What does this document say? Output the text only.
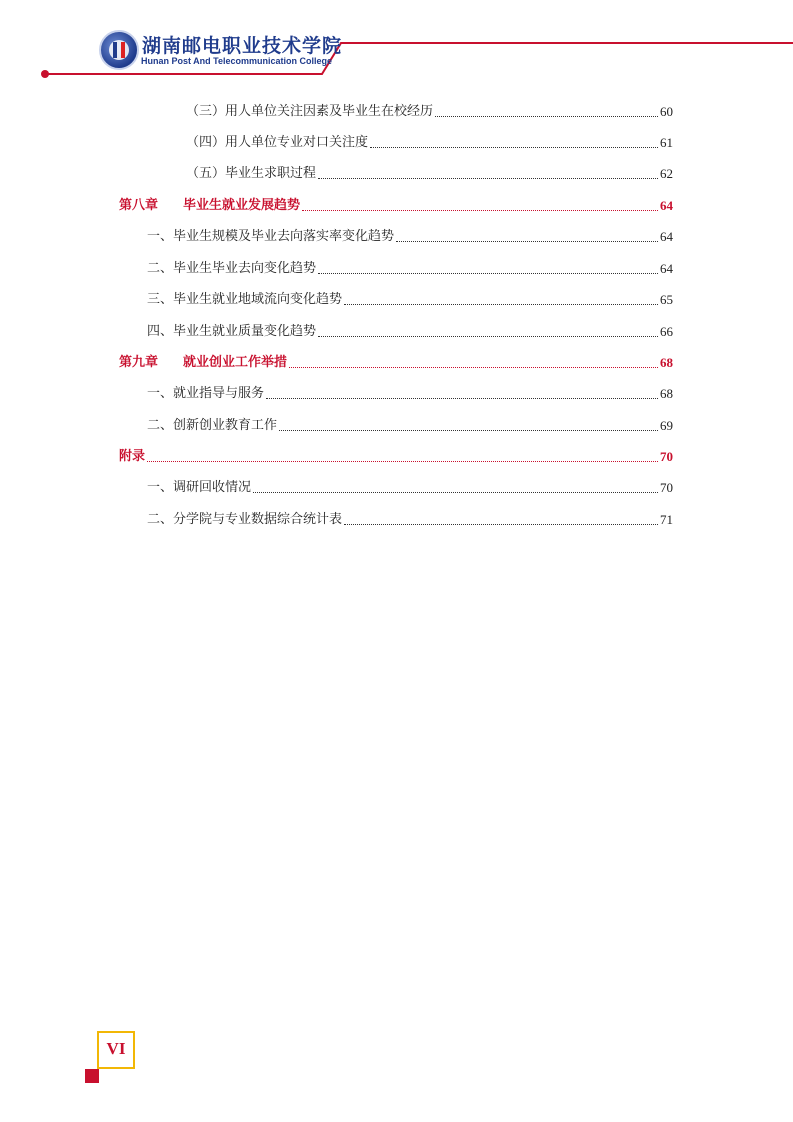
湖南邮电职业技术学院
Hunan Post And Telecommunication College
（三） 用人单位关注因素及毕业生在校经历	60
（四） 用人单位专业对口关注度	61
（五） 毕业生求职过程	62
第八章	毕业生就业发展趋势	64
一、 毕业生规模及毕业去向落实率变化趋势	64
二、 毕业生毕业去向变化趋势	64
三、 毕业生就业地域流向变化趋势	65
四、 毕业生就业质量变化趋势	66
第九章	就业创业工作举措	68
一、 就业指导与服务	68
二、 创新创业教育工作	69
附录	70
一、 调研回收情况	70
二、 分学院与专业数据综合统计表	71
VI
